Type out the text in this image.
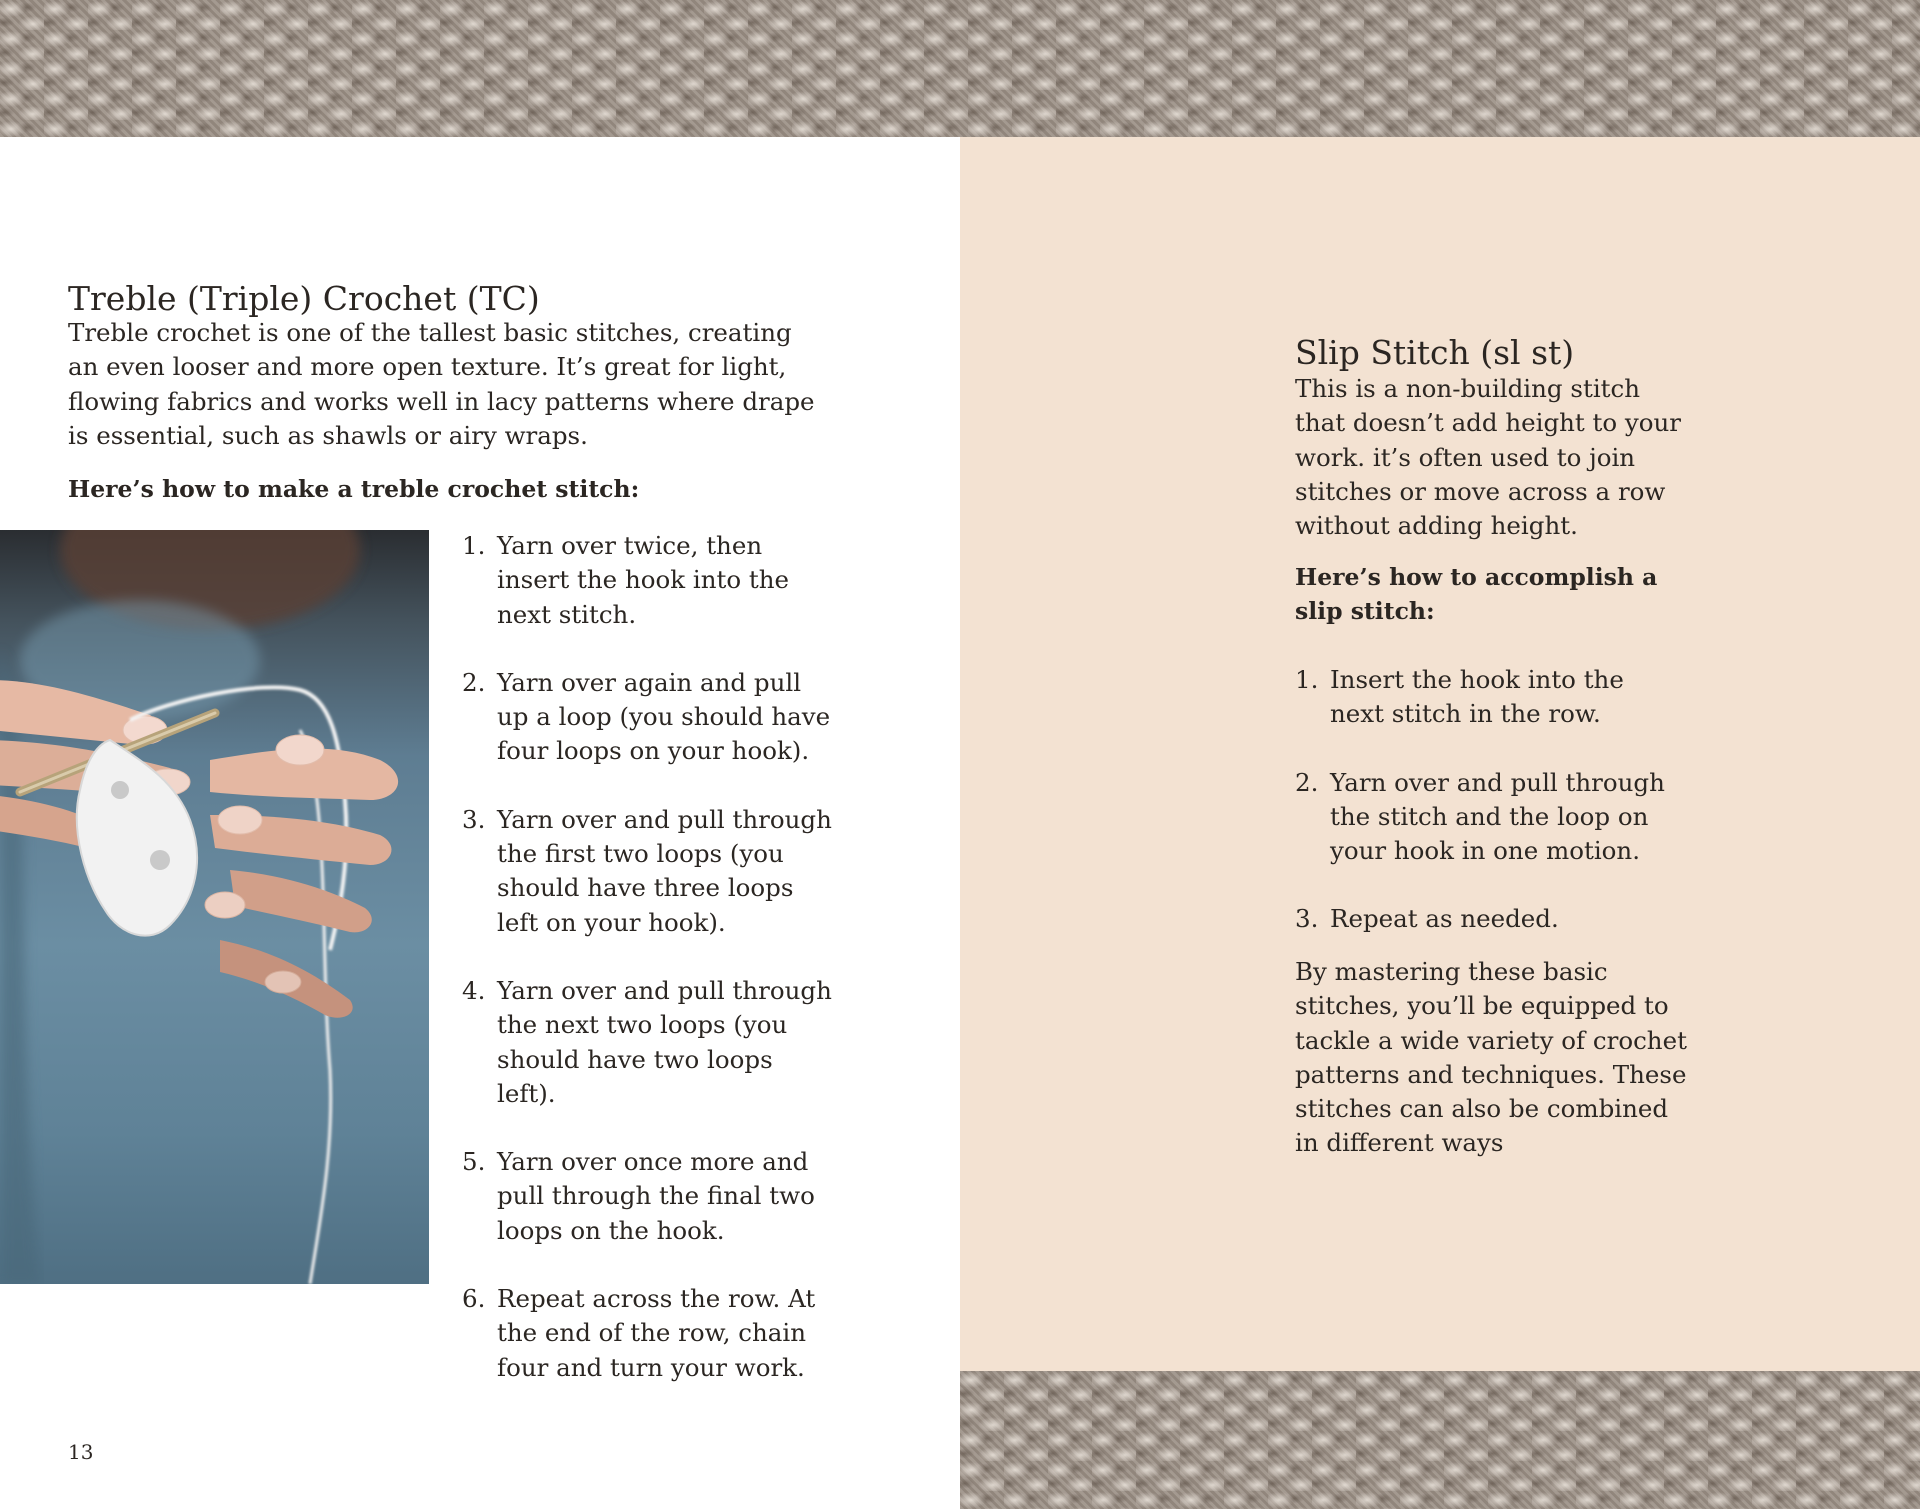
Treble (Triple) Crochet (TC)

Treble crochet is one of the tallest basic stitches, creating an even looser and more open texture. It’s great for light, flowing fabrics and works well in lacy patterns where drape is essential, such as shawls or airy wraps.

Here’s how to make a treble crochet stitch:

1. Yarn over twice, then insert the hook into the next stitch.
2. Yarn over again and pull up a loop (you should have four loops on your hook).
3. Yarn over and pull through the first two loops (you should have three loops left on your hook).
4. Yarn over and pull through the next two loops (you should have two loops left).
5. Yarn over once more and pull through the final two loops on the hook.
6. Repeat across the row. At the end of the row, chain four and turn your work.
13
Slip Stitch (sl st)

This is a non-building stitch that doesn’t add height to your work. it’s often used to join stitches or move across a row without adding height.

Here’s how to accomplish a slip stitch:

1. Insert the hook into the next stitch in the row.
2. Yarn over and pull through the stitch and the loop on your hook in one motion.
3. Repeat as needed.

By mastering these basic stitches, you’ll be equipped to tackle a wide variety of crochet patterns and techniques. These stitches can also be combined in different ways
